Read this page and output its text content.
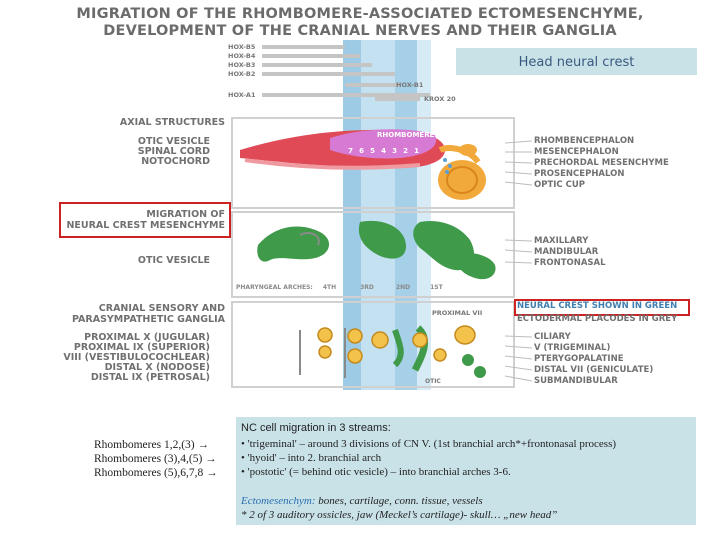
MIGRATION OF THE RHOMBOMERE-ASSOCIATED ECTOMESENCHYME,
DEVELOPMENT OF THE CRANIAL NERVES AND THEIR GANGLIA
HOX-B5
HOX-B4
HOX-B3
HOX-B2
HOX-A1
HOX-B1
KROX 20
Head neural crest
AXIAL STRUCTURES
OTIC VESICLE
SPINAL CORD
NOTOCHORD
MIGRATION OF
NEURAL CREST MESENCHYME
OTIC VESICLE
CRANIAL SENSORY AND
PARASYMPATHETIC GANGLIA
PROXIMAL X (JUGULAR)
PROXIMAL IX (SUPERIOR)
VIII (VESTIBULOCOCHLEAR)
DISTAL X (NODOSE)
DISTAL IX (PETROSAL)
RHOMBOMERES
7 6 5 4 3 2 1
RHOMBENCEPHALON
MESENCEPHALON
PRECHORDAL MESENCHYME
PROSENCEPHALON
OPTIC CUP
MAXILLARY
MANDIBULAR
FRONTONASAL
PHARYNGEAL ARCHES: 4TH	3RD	2ND	1ST
PROXIMAL VII
OTIC
NEURAL CREST SHOWN IN GREEN
ECTODERMAL PLACODES IN GREY
CILIARY
V (TRIGEMINAL)
PTERYGOPALATINE
DISTAL VII (GENICULATE)
SUBMANDIBULAR
Rhombomeres 1,2,(3) →
Rhombomeres (3),4,(5) →
Rhombomeres (5),6,7,8 →
NC cell migration in 3 streams:
• 'trigeminal' – around 3 divisions of CN V. (1st branchial arch*+frontonasal process)
• 'hyoid' – into 2. branchial arch
• 'postotic' (= behind otic vesicle) – into branchial arches 3-6.
Ectomesenchym: bones, cartilage, conn. tissue, vessels
* 2 of 3 auditory ossicles, jaw (Meckel’s cartilage)- skull… „new head”
